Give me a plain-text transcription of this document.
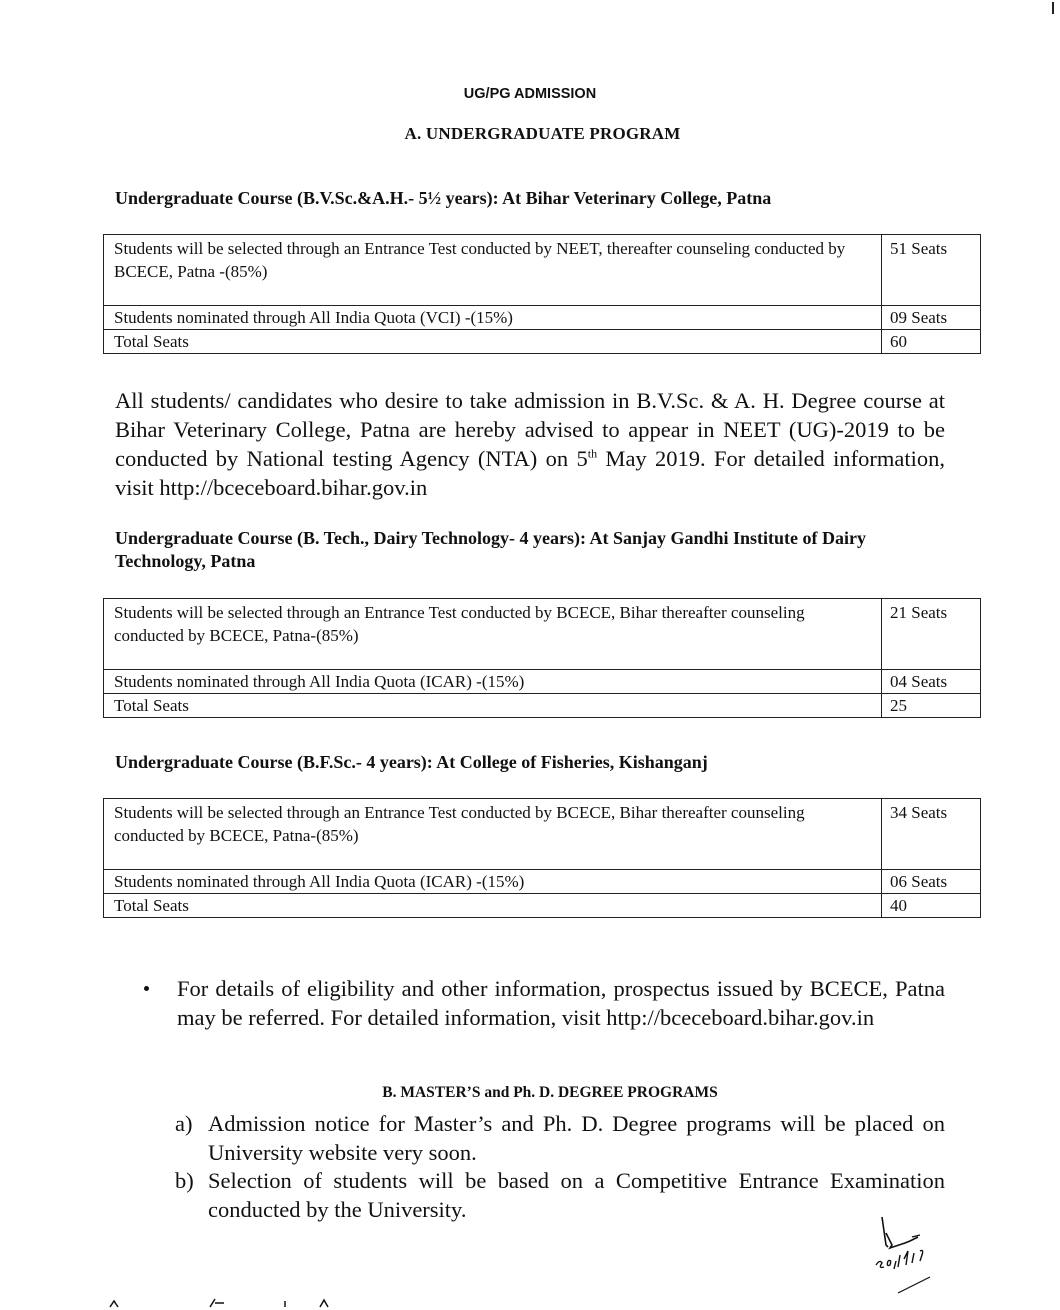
UG/PG ADMISSION
A. UNDERGRADUATE PROGRAM
Undergraduate Course (B.V.Sc.&A.H.- 5½ years): At Bihar Veterinary College, Patna
Students will be selected through an Entrance Test conducted by NEET, thereafter counseling conducted by BCECE, Patna -(85%)	51 Seats
Students nominated through All India Quota (VCI) -(15%)	09 Seats
Total Seats	60
All students/ candidates who desire to take admission in B.V.Sc. & A. H. Degree course at Bihar Veterinary College, Patna are hereby advised to appear in NEET (UG)-2019 to be conducted by National testing Agency (NTA) on 5th May 2019. For detailed information, visit http://bceceboard.bihar.gov.in
Undergraduate Course (B. Tech., Dairy Technology- 4 years): At Sanjay Gandhi Institute of Dairy Technology, Patna
Students will be selected through an Entrance Test conducted by BCECE, Bihar thereafter counseling conducted by BCECE, Patna-(85%)	21 Seats
Students nominated through All India Quota (ICAR) -(15%)	04 Seats
Total Seats	25
Undergraduate Course (B.F.Sc.- 4 years): At College of Fisheries, Kishanganj
Students will be selected through an Entrance Test conducted by BCECE, Bihar thereafter counseling conducted by BCECE, Patna-(85%)	34 Seats
Students nominated through All India Quota (ICAR) -(15%)	06 Seats
Total Seats	40
For details of eligibility and other information, prospectus issued by BCECE, Patna may be referred. For detailed information, visit http://bceceboard.bihar.gov.in
B. MASTER’S and Ph. D. DEGREE PROGRAMS
a) Admission notice for Master’s and Ph. D. Degree programs will be placed on University website very soon.
b) Selection of students will be based on a Competitive Entrance Examination conducted by the University.
